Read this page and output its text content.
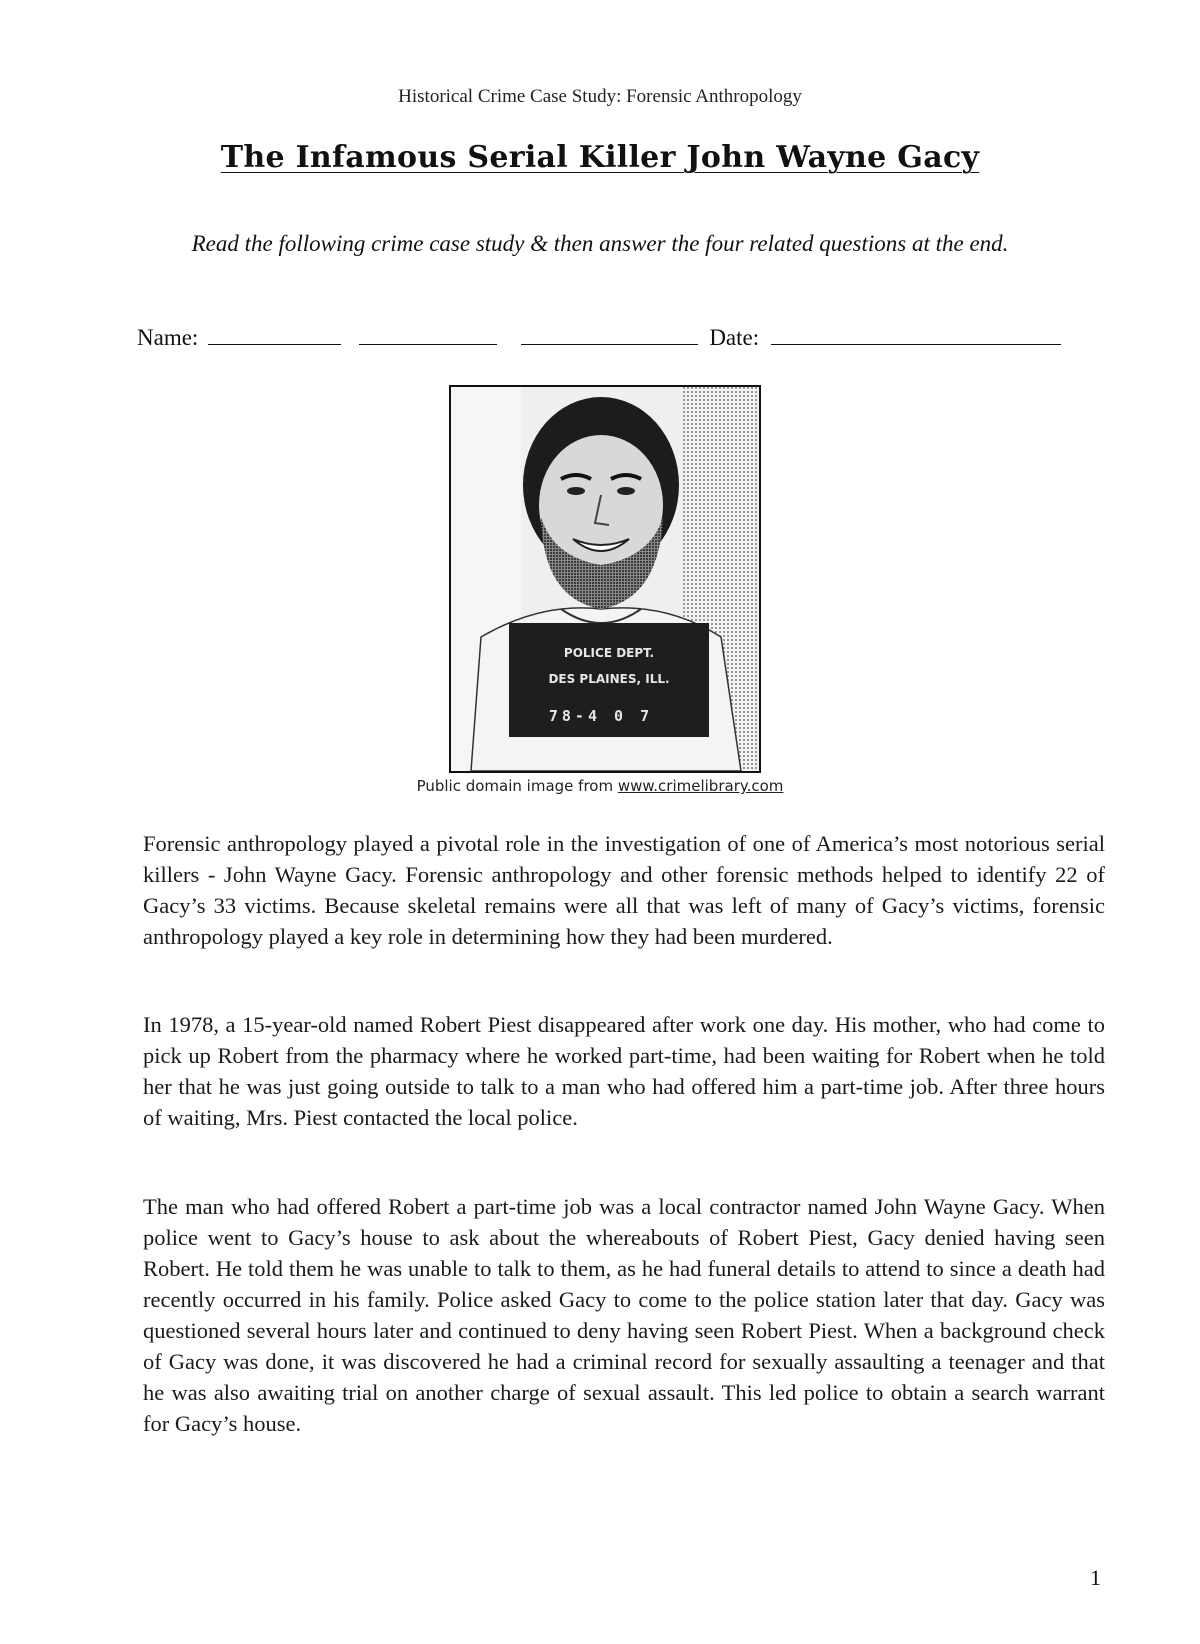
Historical Crime Case Study: Forensic Anthropology
The Infamous Serial Killer John Wayne Gacy
Read the following crime case study & then answer the four related questions at the end.
Name:	Date:
POLICE DEPT.
DES PLAINES, ILL.
78-4 0 7
Public domain image from www.crimelibrary.com
Forensic anthropology played a pivotal role in the investigation of one of America’s most notorious serial killers - John Wayne Gacy. Forensic anthropology and other forensic methods helped to identify 22 of Gacy’s 33 victims. Because skeletal remains were all that was left of many of Gacy’s victims, forensic anthropology played a key role in determining how they had been murdered.
In 1978, a 15-year-old named Robert Piest disappeared after work one day. His mother, who had come to pick up Robert from the pharmacy where he worked part-time, had been waiting for Robert when he told her that he was just going outside to talk to a man who had offered him a part-time job. After three hours of waiting, Mrs. Piest contacted the local police.
The man who had offered Robert a part-time job was a local contractor named John Wayne Gacy. When police went to Gacy’s house to ask about the whereabouts of Robert Piest, Gacy denied having seen Robert. He told them he was unable to talk to them, as he had funeral details to attend to since a death had recently occurred in his family. Police asked Gacy to come to the police station later that day. Gacy was questioned several hours later and continued to deny having seen Robert Piest. When a background check of Gacy was done, it was discovered he had a criminal record for sexually assaulting a teenager and that he was also awaiting trial on another charge of sexual assault. This led police to obtain a search warrant for Gacy’s house.
1
